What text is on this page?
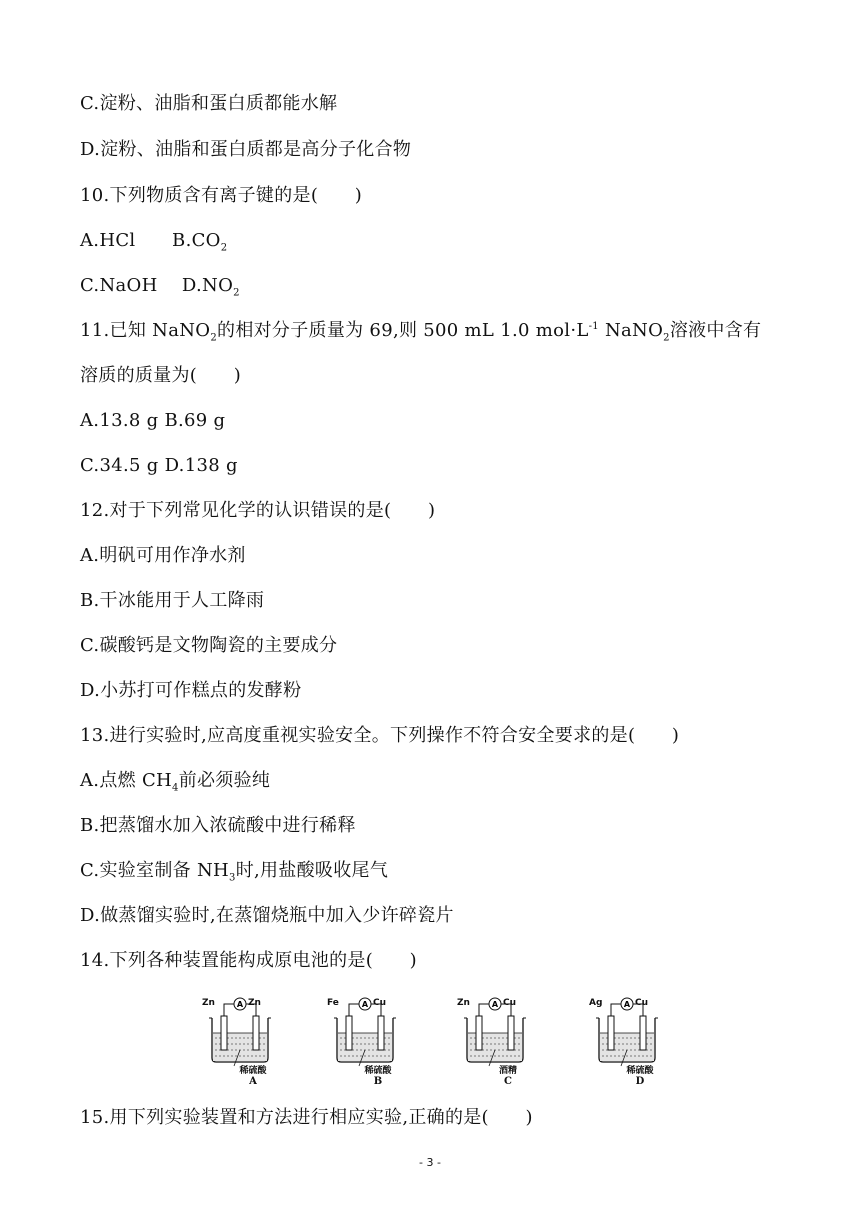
C.淀粉、油脂和蛋白质都能水解
D.淀粉、油脂和蛋白质都是高分子化合物
10.下列物质含有离子键的是(　　)
A.HCl　　$B.CO_2$
C.NaOH　 $D.NO_2$
11.已知 NaNO$_2$的相对分子质量为 69,则 500 mL 1.0 $mol\cdot L^{-1}$ NaNO$_2$溶液中含有
溶质的质量为(　　)
A.13.8 g B.69 g
C.34.5 g D.138 g
12.对于下列常见化学的认识错误的是(　　)
A.明矾可用作净水剂
B.干冰能用于人工降雨
C.碳酸钙是文物陶瓷的主要成分
D.小苏打可作糕点的发酵粉
13.进行实验时,应高度重视实验安全。下列操作不符合安全要求的是(　　)
A.点燃 $CH_4$前必须验纯
B.把蒸馏水加入浓硫酸中进行稀释
C.实验室制备 $NH_3$时,用盐酸吸收尾气
D.做蒸馏实验时,在蒸馏烧瓶中加入少许碎瓷片
14.下列各种装置能构成原电池的是(　　)
15.用下列实验装置和方法进行相应实验,正确的是(　　)
A
Zn	Zn
稀硫酸
A
A
Fe	Cu
稀硫酸
B
A
Zn	Cu
酒精
C
A
Ag	Cu
稀硫酸
D
- 3 -
